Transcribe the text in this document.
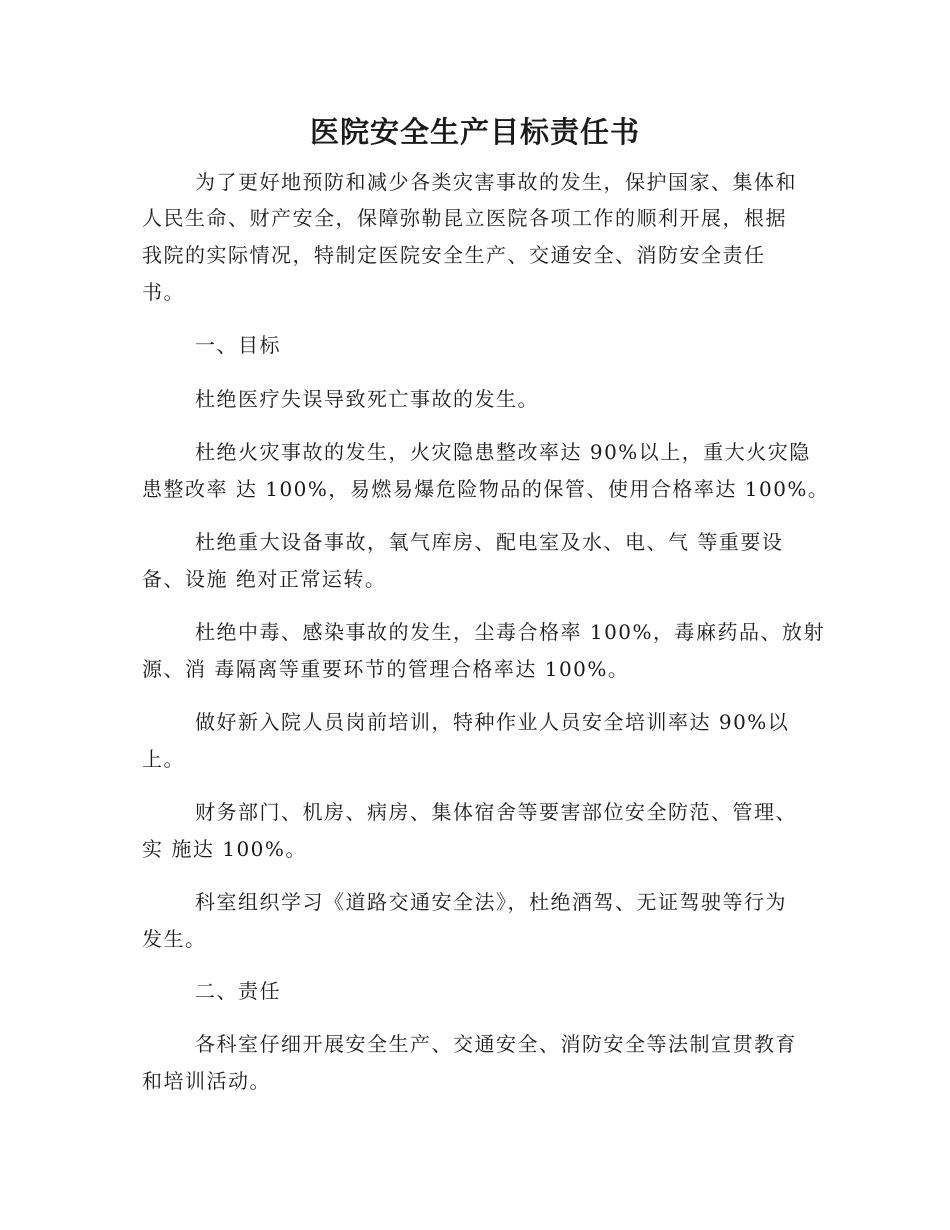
医院安全生产目标责任书

为了更好地预防和减少各类灾害事故的发生，保护国家、集体和

人民生命、财产安全，保障弥勒昆立医院各项工作的顺利开展，根据

我院的实际情况，特制定医院安全生产、交通安全、消防安全责任

书。

一、目标

杜绝医疗失误导致死亡事故的发生。

杜绝火灾事故的发生，火灾隐患整改率达 90%以上，重大火灾隐

患整改率 达 100%，易燃易爆危险物品的保管、使用合格率达 100%。

杜绝重大设备事故，氧气库房、配电室及水、电、气 等重要设

备、设施 绝对正常运转。

杜绝中毒、感染事故的发生，尘毒合格率 100%，毒麻药品、放射

源、消 毒隔离等重要环节的管理合格率达 100%。

做好新入院人员岗前培训，特种作业人员安全培训率达 90%以

上。

财务部门、机房、病房、集体宿舍等要害部位安全防范、管理、

实 施达 100%。

科室组织学习《道路交通安全法》，杜绝酒驾、无证驾驶等行为

发生。

二、责任

各科室仔细开展安全生产、交通安全、消防安全等法制宣贯教育

和培训活动。
